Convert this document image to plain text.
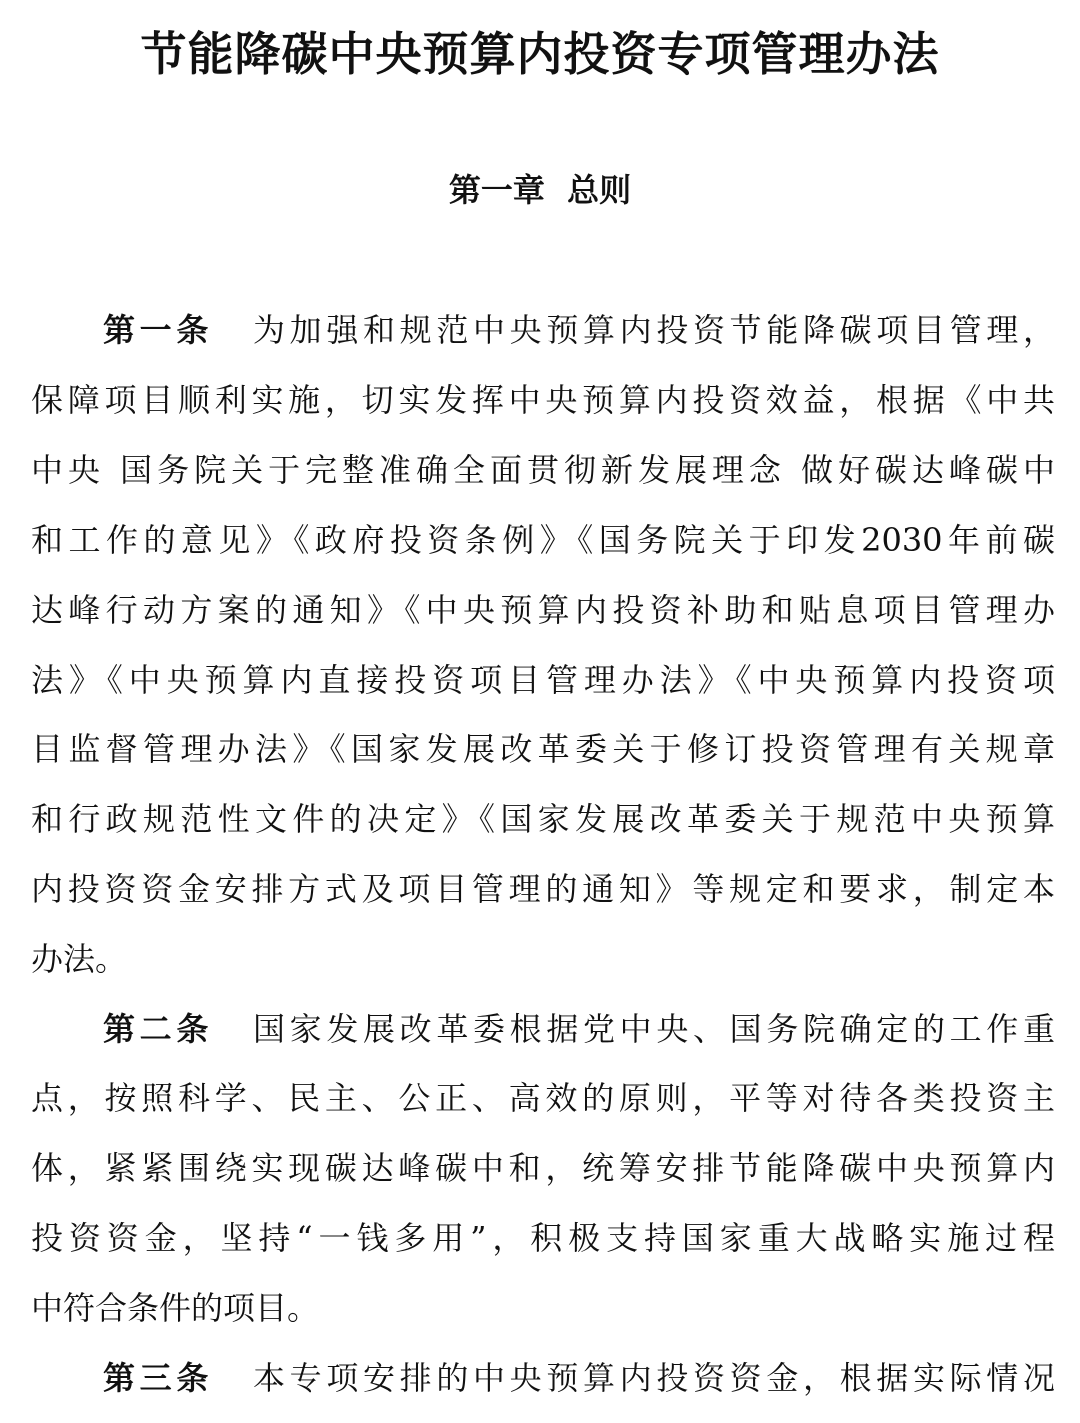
节能降碳中央预算内投资专项管理办法
第一章  总则
第一条 为加强和规范中央预算内投资节能降碳项目管理，
保障项目顺利实施，切实发挥中央预算内投资效益，根据《中共
中央 国务院关于完整准确全面贯彻新发展理念 做好碳达峰碳中
和工作的意见》《政府投资条例》《国务院关于印发2030年前碳
达峰行动方案的通知》《中央预算内投资补助和贴息项目管理办
法》《中央预算内直接投资项目管理办法》《中央预算内投资项
目监督管理办法》《国家发展改革委关于修订投资管理有关规章
和行政规范性文件的决定》《国家发展改革委关于规范中央预算
内投资资金安排方式及项目管理的通知》等规定和要求，制定本
办法。
第二条 国家发展改革委根据党中央、国务院确定的工作重
点，按照科学、民主、公正、高效的原则，平等对待各类投资主
体，紧紧围绕实现碳达峰碳中和，统筹安排节能降碳中央预算内
投资资金，坚持“一钱多用”，积极支持国家重大战略实施过程
中符合条件的项目。
第三条 本专项安排的中央预算内投资资金，根据实际情况
